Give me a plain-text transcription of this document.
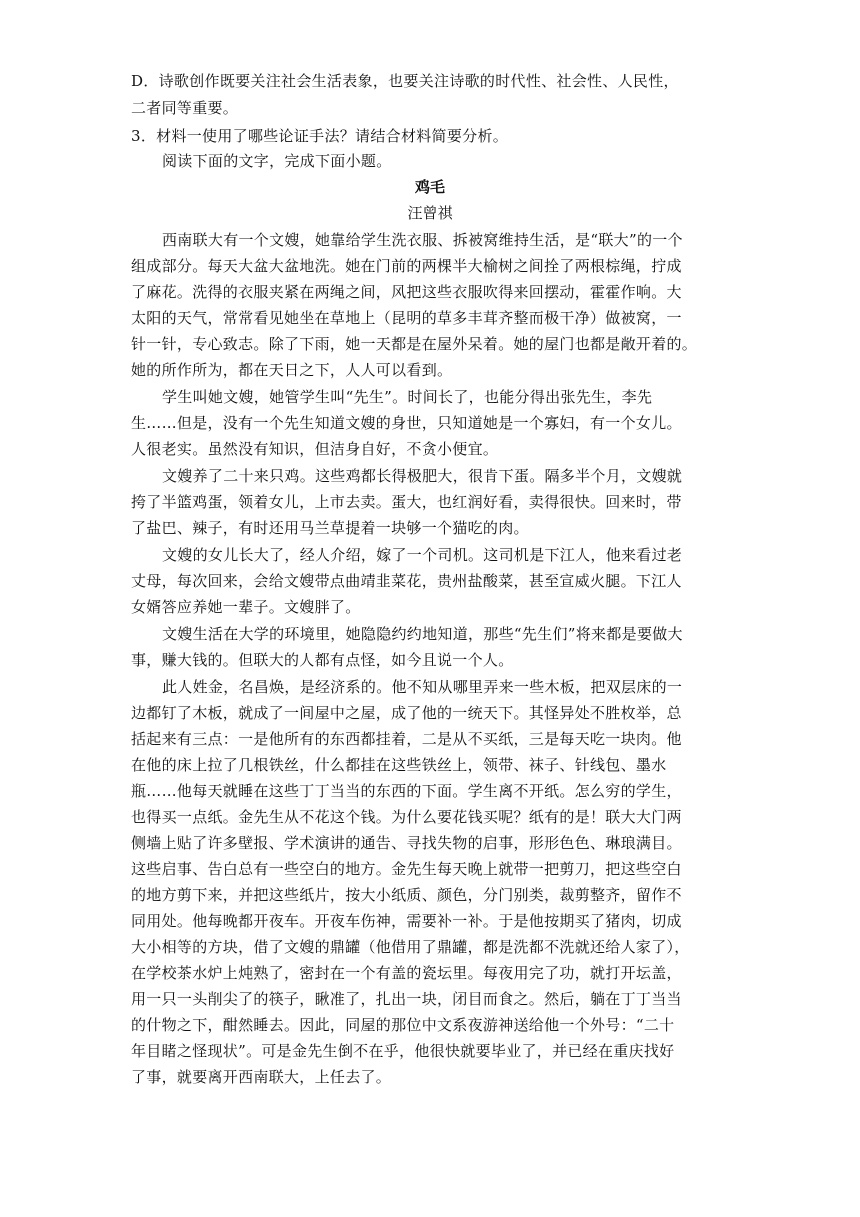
D．诗歌创作既要关注社会生活表象，也要关注诗歌的时代性、社会性、人民性，
二者同等重要。
3．材料一使用了哪些论证手法？请结合材料简要分析。
阅读下面的文字，完成下面小题。
鸡毛
汪曾祺
西南联大有一个文嫂，她靠给学生洗衣服、拆被窝维持生活，是“联大”的一个
组成部分。每天大盆大盆地洗。她在门前的两棵半大榆树之间拴了两根棕绳，拧成
了麻花。洗得的衣服夹紧在两绳之间，风把这些衣服吹得来回摆动，霍霍作响。大
太阳的天气，常常看见她坐在草地上（昆明的草多丰茸齐整而极干净）做被窝，一
针一针，专心致志。除了下雨，她一天都是在屋外呆着。她的屋门也都是敞开着的。
她的所作所为，都在天日之下，人人可以看到。
学生叫她文嫂，她管学生叫“先生”。时间长了，也能分得出张先生，李先
生……但是，没有一个先生知道文嫂的身世，只知道她是一个寡妇，有一个女儿。
人很老实。虽然没有知识，但洁身自好，不贪小便宜。
文嫂养了二十来只鸡。这些鸡都长得极肥大，很肯下蛋。隔多半个月，文嫂就
挎了半篮鸡蛋，领着女儿，上市去卖。蛋大，也红润好看，卖得很快。回来时，带
了盐巴、辣子，有时还用马兰草提着一块够一个猫吃的肉。
文嫂的女儿长大了，经人介绍，嫁了一个司机。这司机是下江人，他来看过老
丈母，每次回来，会给文嫂带点曲靖韭菜花，贵州盐酸菜，甚至宣威火腿。下江人
女婿答应养她一辈子。文嫂胖了。
文嫂生活在大学的环境里，她隐隐约约地知道，那些“先生们”将来都是要做大
事，赚大钱的。但联大的人都有点怪，如今且说一个人。
此人姓金，名昌焕，是经济系的。他不知从哪里弄来一些木板，把双层床的一
边都钉了木板，就成了一间屋中之屋，成了他的一统天下。其怪异处不胜枚举，总
括起来有三点：一是他所有的东西都挂着，二是从不买纸，三是每天吃一块肉。他
在他的床上拉了几根铁丝，什么都挂在这些铁丝上，领带、袜子、针线包、墨水
瓶……他每天就睡在这些丁丁当当的东西的下面。学生离不开纸。怎么穷的学生，
也得买一点纸。金先生从不花这个钱。为什么要花钱买呢？纸有的是！联大大门两
侧墙上贴了许多壁报、学术演讲的通告、寻找失物的启事，形形色色、琳琅满目。
这些启事、告白总有一些空白的地方。金先生每天晚上就带一把剪刀，把这些空白
的地方剪下来，并把这些纸片，按大小纸质、颜色，分门别类，裁剪整齐，留作不
同用处。他每晚都开夜车。开夜车伤神，需要补一补。于是他按期买了猪肉，切成
大小相等的方块，借了文嫂的鼎罐（他借用了鼎罐，都是洗都不洗就还给人家了），
在学校茶水炉上炖熟了，密封在一个有盖的瓷坛里。每夜用完了功，就打开坛盖，
用一只一头削尖了的筷子，瞅准了，扎出一块，闭目而食之。然后，躺在丁丁当当
的什物之下，酣然睡去。因此，同屋的那位中文系夜游神送给他一个外号：“二十
年目睹之怪现状”。可是金先生倒不在乎，他很快就要毕业了，并已经在重庆找好
了事，就要离开西南联大，上任去了。
